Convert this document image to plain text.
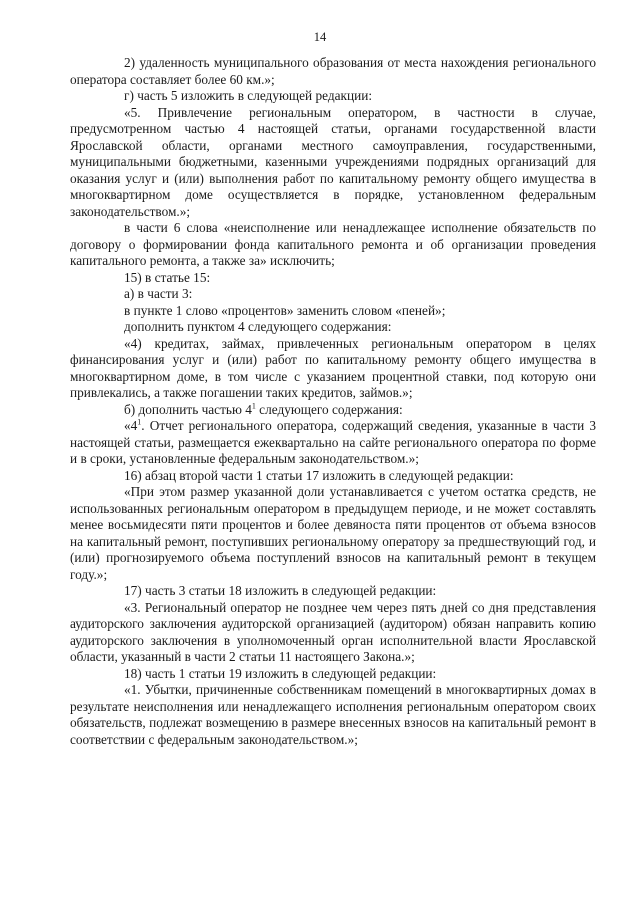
14

2) удаленность муниципального образования от места нахождения регионального оператора составляет более 60 км.»;

г) часть 5 изложить в следующей редакции:

«5. Привлечение региональным оператором, в частности в случае, предусмотренном частью 4 настоящей статьи, органами государственной власти Ярославской области, органами местного самоуправления, государственными, муниципальными бюджетными, казенными учреждениями подрядных организаций для оказания услуг и (или) выполнения работ по капитальному ремонту общего имущества в многоквартирном доме осуществляется в порядке, установленном федеральным законодательством.»;

в части 6 слова «неисполнение или ненадлежащее исполнение обязательств по договору о формировании фонда капитального ремонта и об организации проведения капитального ремонта, а также за» исключить;

15) в статье 15:

а) в части 3:

в пункте 1 слово «процентов» заменить словом «пеней»;

дополнить пунктом 4 следующего содержания:

«4) кредитах, займах, привлеченных региональным оператором в целях финансирования услуг и (или) работ по капитальному ремонту общего имущества в многоквартирном доме, в том числе с указанием процентной ставки, под которую они привлекались, а также погашении таких кредитов, займов.»;

б) дополнить частью $4^1$ следующего содержания:

«$4^1$. Отчет регионального оператора, содержащий сведения, указанные в части 3 настоящей статьи, размещается ежеквартально на сайте регионального оператора по форме и в сроки, установленные федеральным законодательством.»;

16) абзац второй части 1 статьи 17 изложить в следующей редакции:

«При этом размер указанной доли устанавливается с учетом остатка средств, не использованных региональным оператором в предыдущем периоде, и не может составлять менее восьмидесяти пяти процентов и более девяноста пяти процентов от объема взносов на капитальный ремонт, поступивших региональному оператору за предшествующий год, и (или) прогнозируемого объема поступлений взносов на капитальный ремонт в текущем году.»;

17) часть 3 статьи 18 изложить в следующей редакции:

«3. Региональный оператор не позднее чем через пять дней со дня представления аудиторского заключения аудиторской организацией (аудитором) обязан направить копию аудиторского заключения в уполномоченный орган исполнительной власти Ярославской области, указанный в части 2 статьи 11 настоящего Закона.»;

18) часть 1 статьи 19 изложить в следующей редакции:

«1. Убытки, причиненные собственникам помещений в многоквартирных домах в результате неисполнения или ненадлежащего исполнения региональным оператором своих обязательств, подлежат возмещению в размере внесенных взносов на капитальный ремонт в соответствии с федеральным законодательством.»;
